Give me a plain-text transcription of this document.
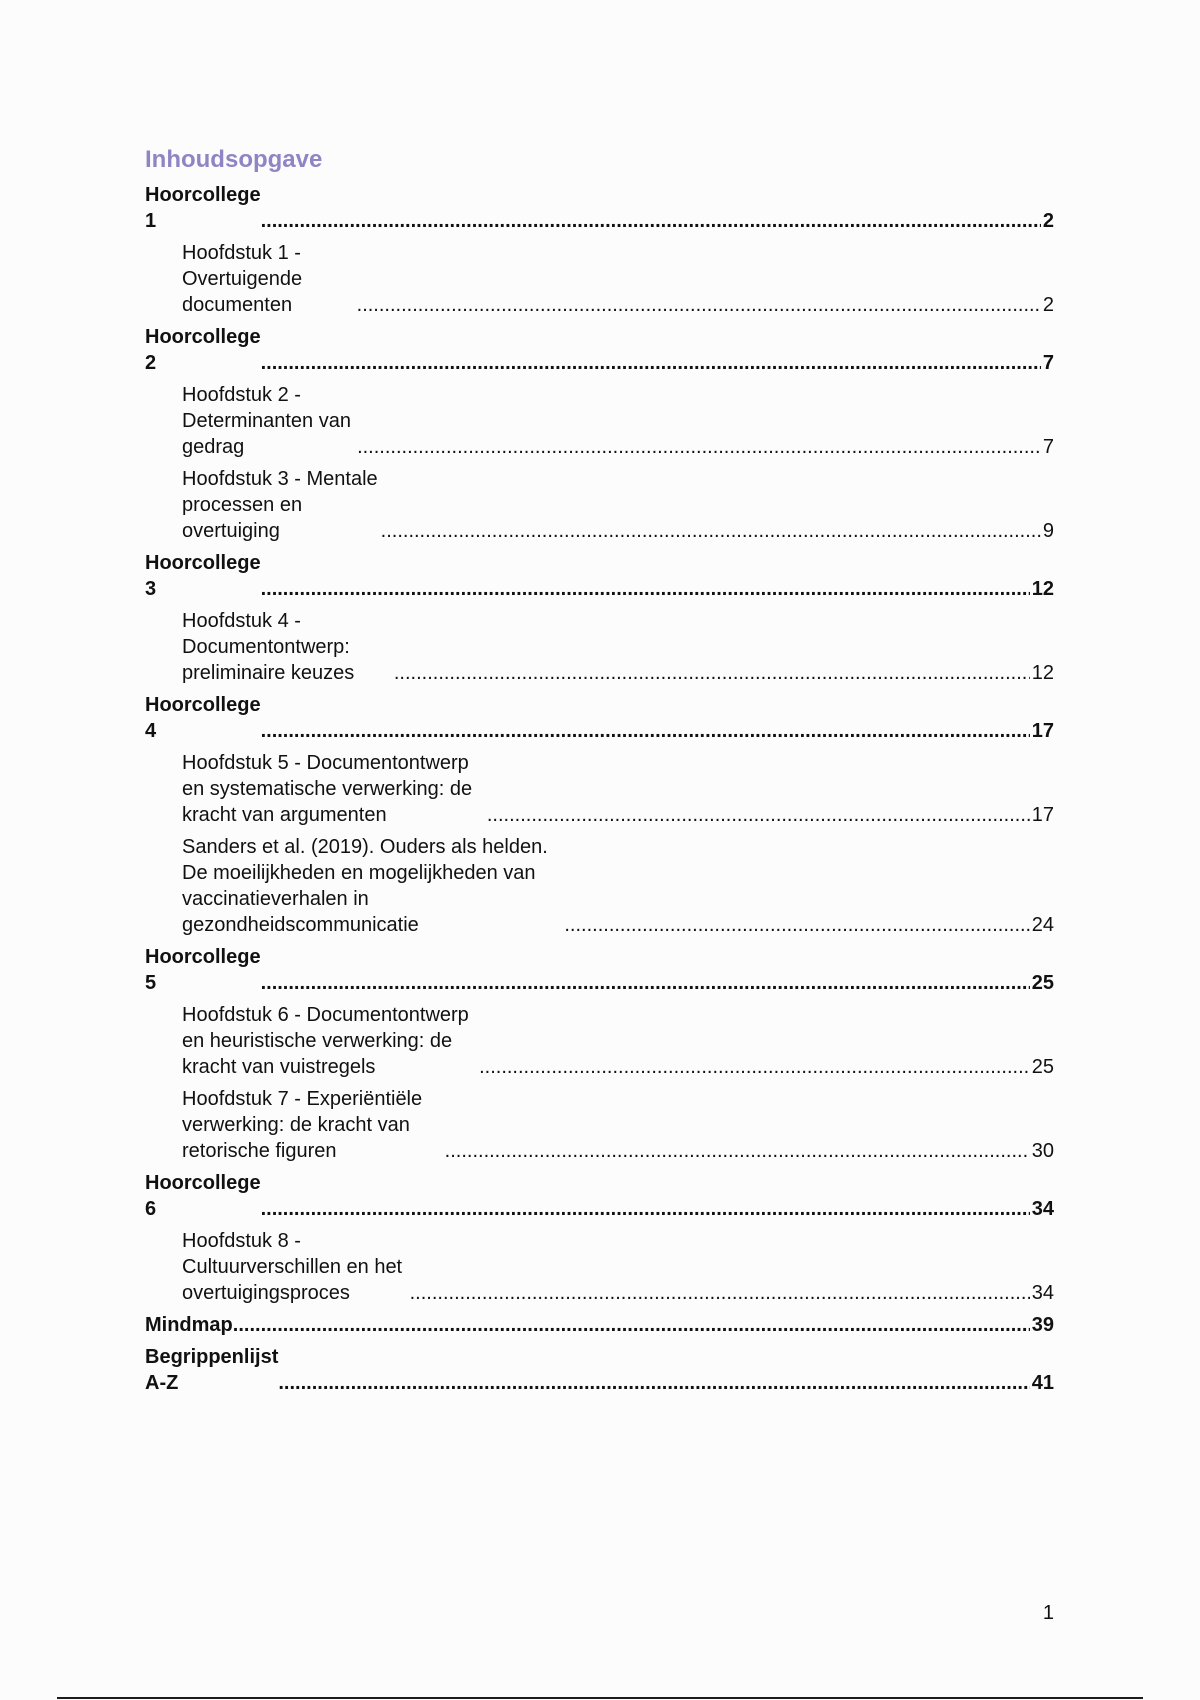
Inhoudsopgave
Hoorcollege 1 .....	2
Hoofdstuk 1 - Overtuigende documenten .....	2
Hoorcollege 2 .....	7
Hoofdstuk 2 - Determinanten van gedrag .....	7
Hoofdstuk 3 - Mentale processen en overtuiging .....	9
Hoorcollege 3 .....	12
Hoofdstuk 4 - Documentontwerp: preliminaire keuzes .....	12
Hoorcollege 4 .....	17
Hoofdstuk 5 - Documentontwerp en systematische verwerking: de kracht van argumenten .....	17
Sanders et al. (2019). Ouders als helden. De moeilijkheden en mogelijkheden van vaccinatieverhalen in gezondheidscommunicatie .....	24
Hoorcollege 5 .....	25
Hoofdstuk 6 - Documentontwerp en heuristische verwerking: de kracht van vuistregels .....	25
Hoofdstuk 7 - Experiëntiële verwerking: de kracht van retorische figuren .....	30
Hoorcollege 6 .....	34
Hoofdstuk 8 - Cultuurverschillen en het overtuigingsproces .....	34
Mindmap .....	39
Begrippenlijst A-Z .....	41
1
